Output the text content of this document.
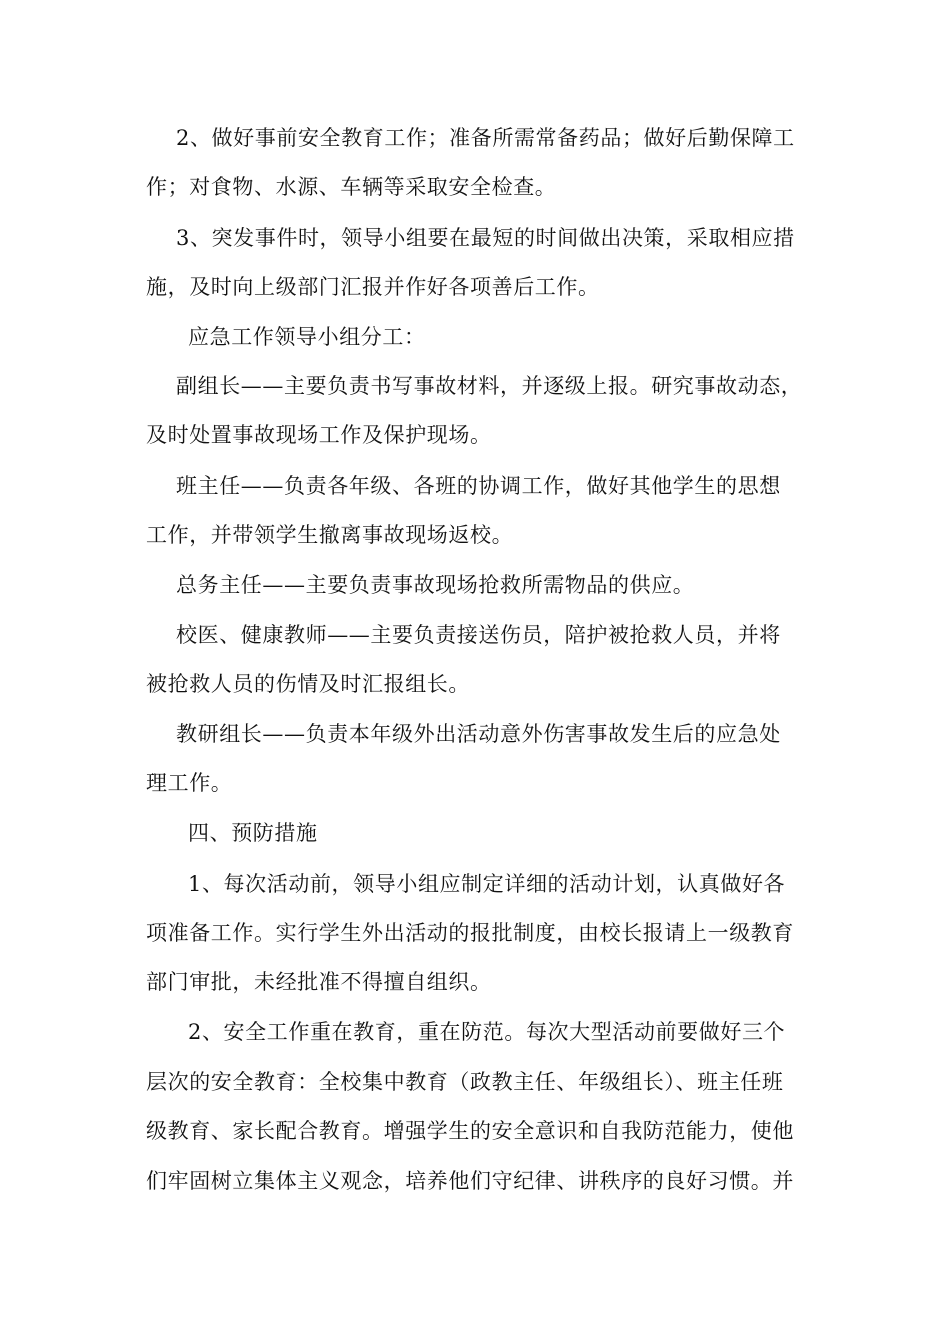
2、做好事前安全教育工作；准备所需常备药品；做好后勤保障工
作；对食物、水源、车辆等采取安全检查。
3、突发事件时，领导小组要在最短的时间做出决策，采取相应措
施，及时向上级部门汇报并作好各项善后工作。
应急工作领导小组分工：
副组长——主要负责书写事故材料，并逐级上报。研究事故动态，
及时处置事故现场工作及保护现场。
班主任——负责各年级、各班的协调工作，做好其他学生的思想
工作，并带领学生撤离事故现场返校。
总务主任——主要负责事故现场抢救所需物品的供应。
校医、健康教师——主要负责接送伤员，陪护被抢救人员，并将
被抢救人员的伤情及时汇报组长。
教研组长——负责本年级外出活动意外伤害事故发生后的应急处
理工作。
四、预防措施
1、每次活动前，领导小组应制定详细的活动计划，认真做好各
项准备工作。实行学生外出活动的报批制度，由校长报请上一级教育
部门审批，未经批准不得擅自组织。
2、安全工作重在教育，重在防范。每次大型活动前要做好三个
层次的安全教育：全校集中教育（政教主任、年级组长）、班主任班
级教育、家长配合教育。增强学生的安全意识和自我防范能力，使他
们牢固树立集体主义观念，培养他们守纪律、讲秩序的良好习惯。并
